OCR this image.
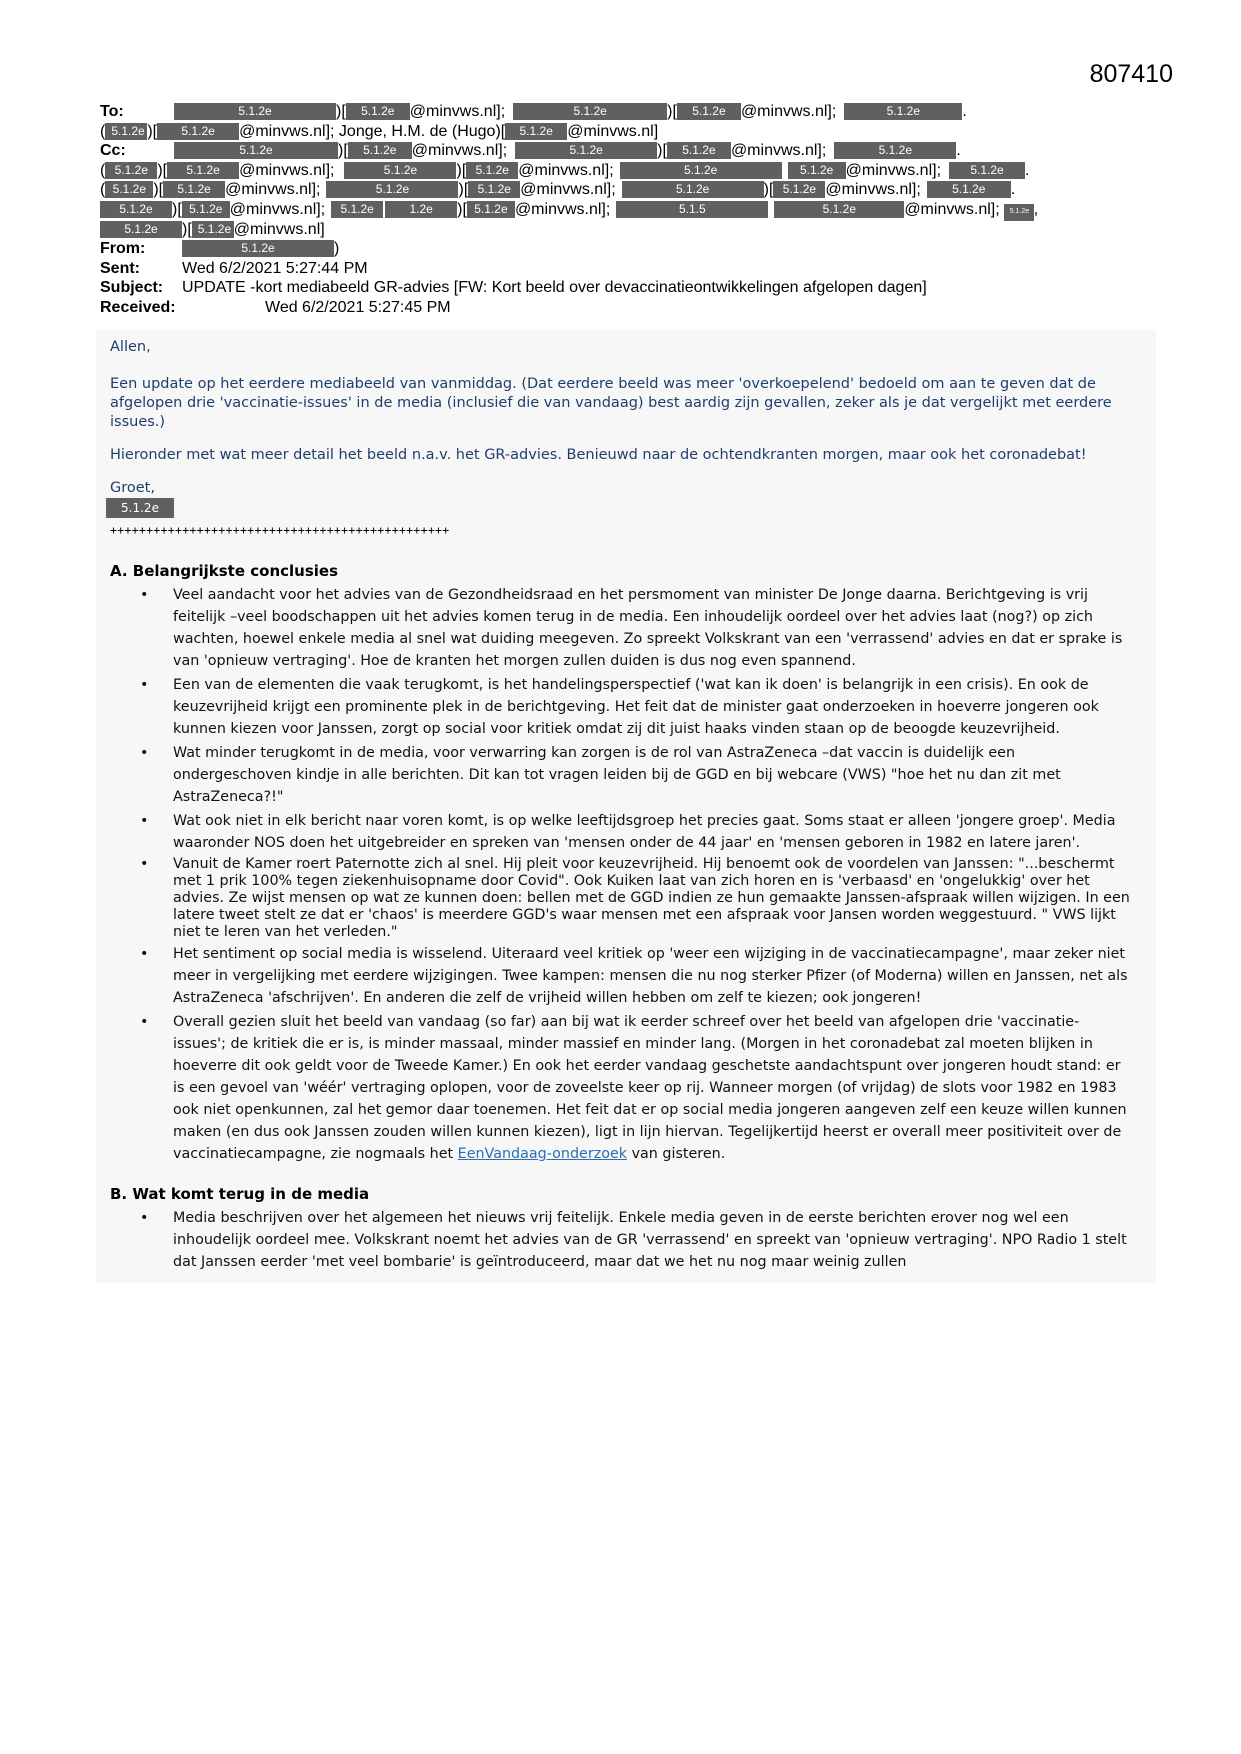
807410
To:	5.1.2e	)[ 5.1.2e @minvws.nl];	5.1.2e	)[ 5.1.2e @minvws.nl];	5.1.2e	.
( 5.1.2e )[ 5.1.2e @minvws.nl]; Jonge, H.M. de (Hugo)[ 5.1.2e @minvws.nl]
Cc:	5.1.2e	)[ 5.1.2e @minvws.nl];	5.1.2e	)[ 5.1.2e @minvws.nl];	5.1.2e	.
( 5.1.2e )[ 5.1.2e @minvws.nl];	5.1.2e )[ 5.1.2e @minvws.nl];	5.1.2e	5.1.2e @minvws.nl]; 5.1.2e .
( 5.1.2e )[ 5.1.2e @minvws.nl];	5.1.2e	)[ 5.1.2e @minvws.nl];	5.1.2e	)[ 5.1.2e @minvws.nl];	5.1.2e .
5.1.2e )[ 5.1.2e @minvws.nl]; 5.1.2e	1.2e )[ 5.1.2e @minvws.nl];	5.1.5	5.1.2e	@minvws.nl]; 5.1.2e ,
5.1.2e )[ 5.1.2e @minvws.nl]
From:	5.1.2e	)
Sent:	Wed 6/2/2021 5:27:44 PM
Subject: UPDATE -kort mediabeeld GR-advies [FW: Kort beeld over devaccinatieontwikkelingen afgelopen dagen]
Received:	Wed 6/2/2021 5:27:45 PM

Allen,

Een update op het eerdere mediabeeld van vanmiddag. (Dat eerdere beeld was meer 'overkoepelend' bedoeld om aan te geven dat de afgelopen drie 'vaccinatie-issues' in de media (inclusief die van vandaag) best aardig zijn gevallen, zeker als je dat vergelijkt met eerdere issues.)

Hieronder met wat meer detail het beeld n.a.v. het GR-advies. Benieuwd naar de ochtendkranten morgen, maar ook het coronadebat!

Groet,

5.1.2e
+++++++++++++++++++++++++++++++++++++++++++++++
A. Belangrijkste conclusies
• Veel aandacht voor het advies van de Gezondheidsraad en het persmoment van minister De Jonge daarna. Berichtgeving is vrij feitelijk –veel boodschappen uit het advies komen terug in de media. Een inhoudelijk oordeel over het advies laat (nog?) op zich wachten, hoewel enkele media al snel wat duiding meegeven. Zo spreekt Volkskrant van een 'verrassend' advies en dat er sprake is van 'opnieuw vertraging'. Hoe de kranten het morgen zullen duiden is dus nog even spannend.
• Een van de elementen die vaak terugkomt, is het handelingsperspectief ('wat kan ik doen' is belangrijk in een crisis). En ook de keuzevrijheid krijgt een prominente plek in de berichtgeving. Het feit dat de minister gaat onderzoeken in hoeverre jongeren ook kunnen kiezen voor Janssen, zorgt op social voor kritiek omdat zij dit juist haaks vinden staan op de beoogde keuzevrijheid.
• Wat minder terugkomt in de media, voor verwarring kan zorgen is de rol van AstraZeneca –dat vaccin is duidelijk een ondergeschoven kindje in alle berichten. Dit kan tot vragen leiden bij de GGD en bij webcare (VWS) "hoe het nu dan zit met AstraZeneca?!"
• Wat ook niet in elk bericht naar voren komt, is op welke leeftijdsgroep het precies gaat. Soms staat er alleen 'jongere groep'. Media waaronder NOS doen het uitgebreider en spreken van 'mensen onder de 44 jaar' en 'mensen geboren in 1982 en latere jaren'.
• Vanuit de Kamer roert Paternotte zich al snel. Hij pleit voor keuzevrijheid. Hij benoemt ook de voordelen van Janssen: "...beschermt met 1 prik 100% tegen ziekenhuisopname door Covid". Ook Kuiken laat van zich horen en is 'verbaasd' en 'ongelukkig' over het advies. Ze wijst mensen op wat ze kunnen doen: bellen met de GGD indien ze hun gemaakte Janssen-afspraak willen wijzigen. In een latere tweet stelt ze dat er 'chaos' is meerdere GGD's waar mensen met een afspraak voor Jansen worden weggestuurd. " VWS lijkt niet te leren van het verleden."
• Het sentiment op social media is wisselend. Uiteraard veel kritiek op 'weer een wijziging in de vaccinatiecampagne', maar zeker niet meer in vergelijking met eerdere wijzigingen. Twee kampen: mensen die nu nog sterker Pfizer (of Moderna) willen en Janssen, net als AstraZeneca 'afschrijven'. En anderen die zelf de vrijheid willen hebben om zelf te kiezen; ook jongeren!
• Overall gezien sluit het beeld van vandaag (so far) aan bij wat ik eerder schreef over het beeld van afgelopen drie 'vaccinatie-issues'; de kritiek die er is, is minder massaal, minder massief en minder lang. (Morgen in het coronadebat zal moeten blijken in hoeverre dit ook geldt voor de Tweede Kamer.) En ook het eerder vandaag geschetste aandachtspunt over jongeren houdt stand: er is een gevoel van 'wéér' vertraging oplopen, voor de zoveelste keer op rij. Wanneer morgen (of vrijdag) de slots voor 1982 en 1983 ook niet openkunnen, zal het gemor daar toenemen. Het feit dat er op social media jongeren aangeven zelf een keuze willen kunnen maken (en dus ook Janssen zouden willen kunnen kiezen), ligt in lijn hiervan. Tegelijkertijd heerst er overall meer positiviteit over de vaccinatiecampagne, zie nogmaals het EenVandaag-onderzoek van gisteren.
B. Wat komt terug in de media
• Media beschrijven over het algemeen het nieuws vrij feitelijk. Enkele media geven in de eerste berichten erover nog wel een inhoudelijk oordeel mee. Volkskrant noemt het advies van de GR 'verrassend' en spreekt van 'opnieuw vertraging'. NPO Radio 1 stelt dat Janssen eerder 'met veel bombarie' is geïntroduceerd, maar dat we het nu nog maar weinig zullen
